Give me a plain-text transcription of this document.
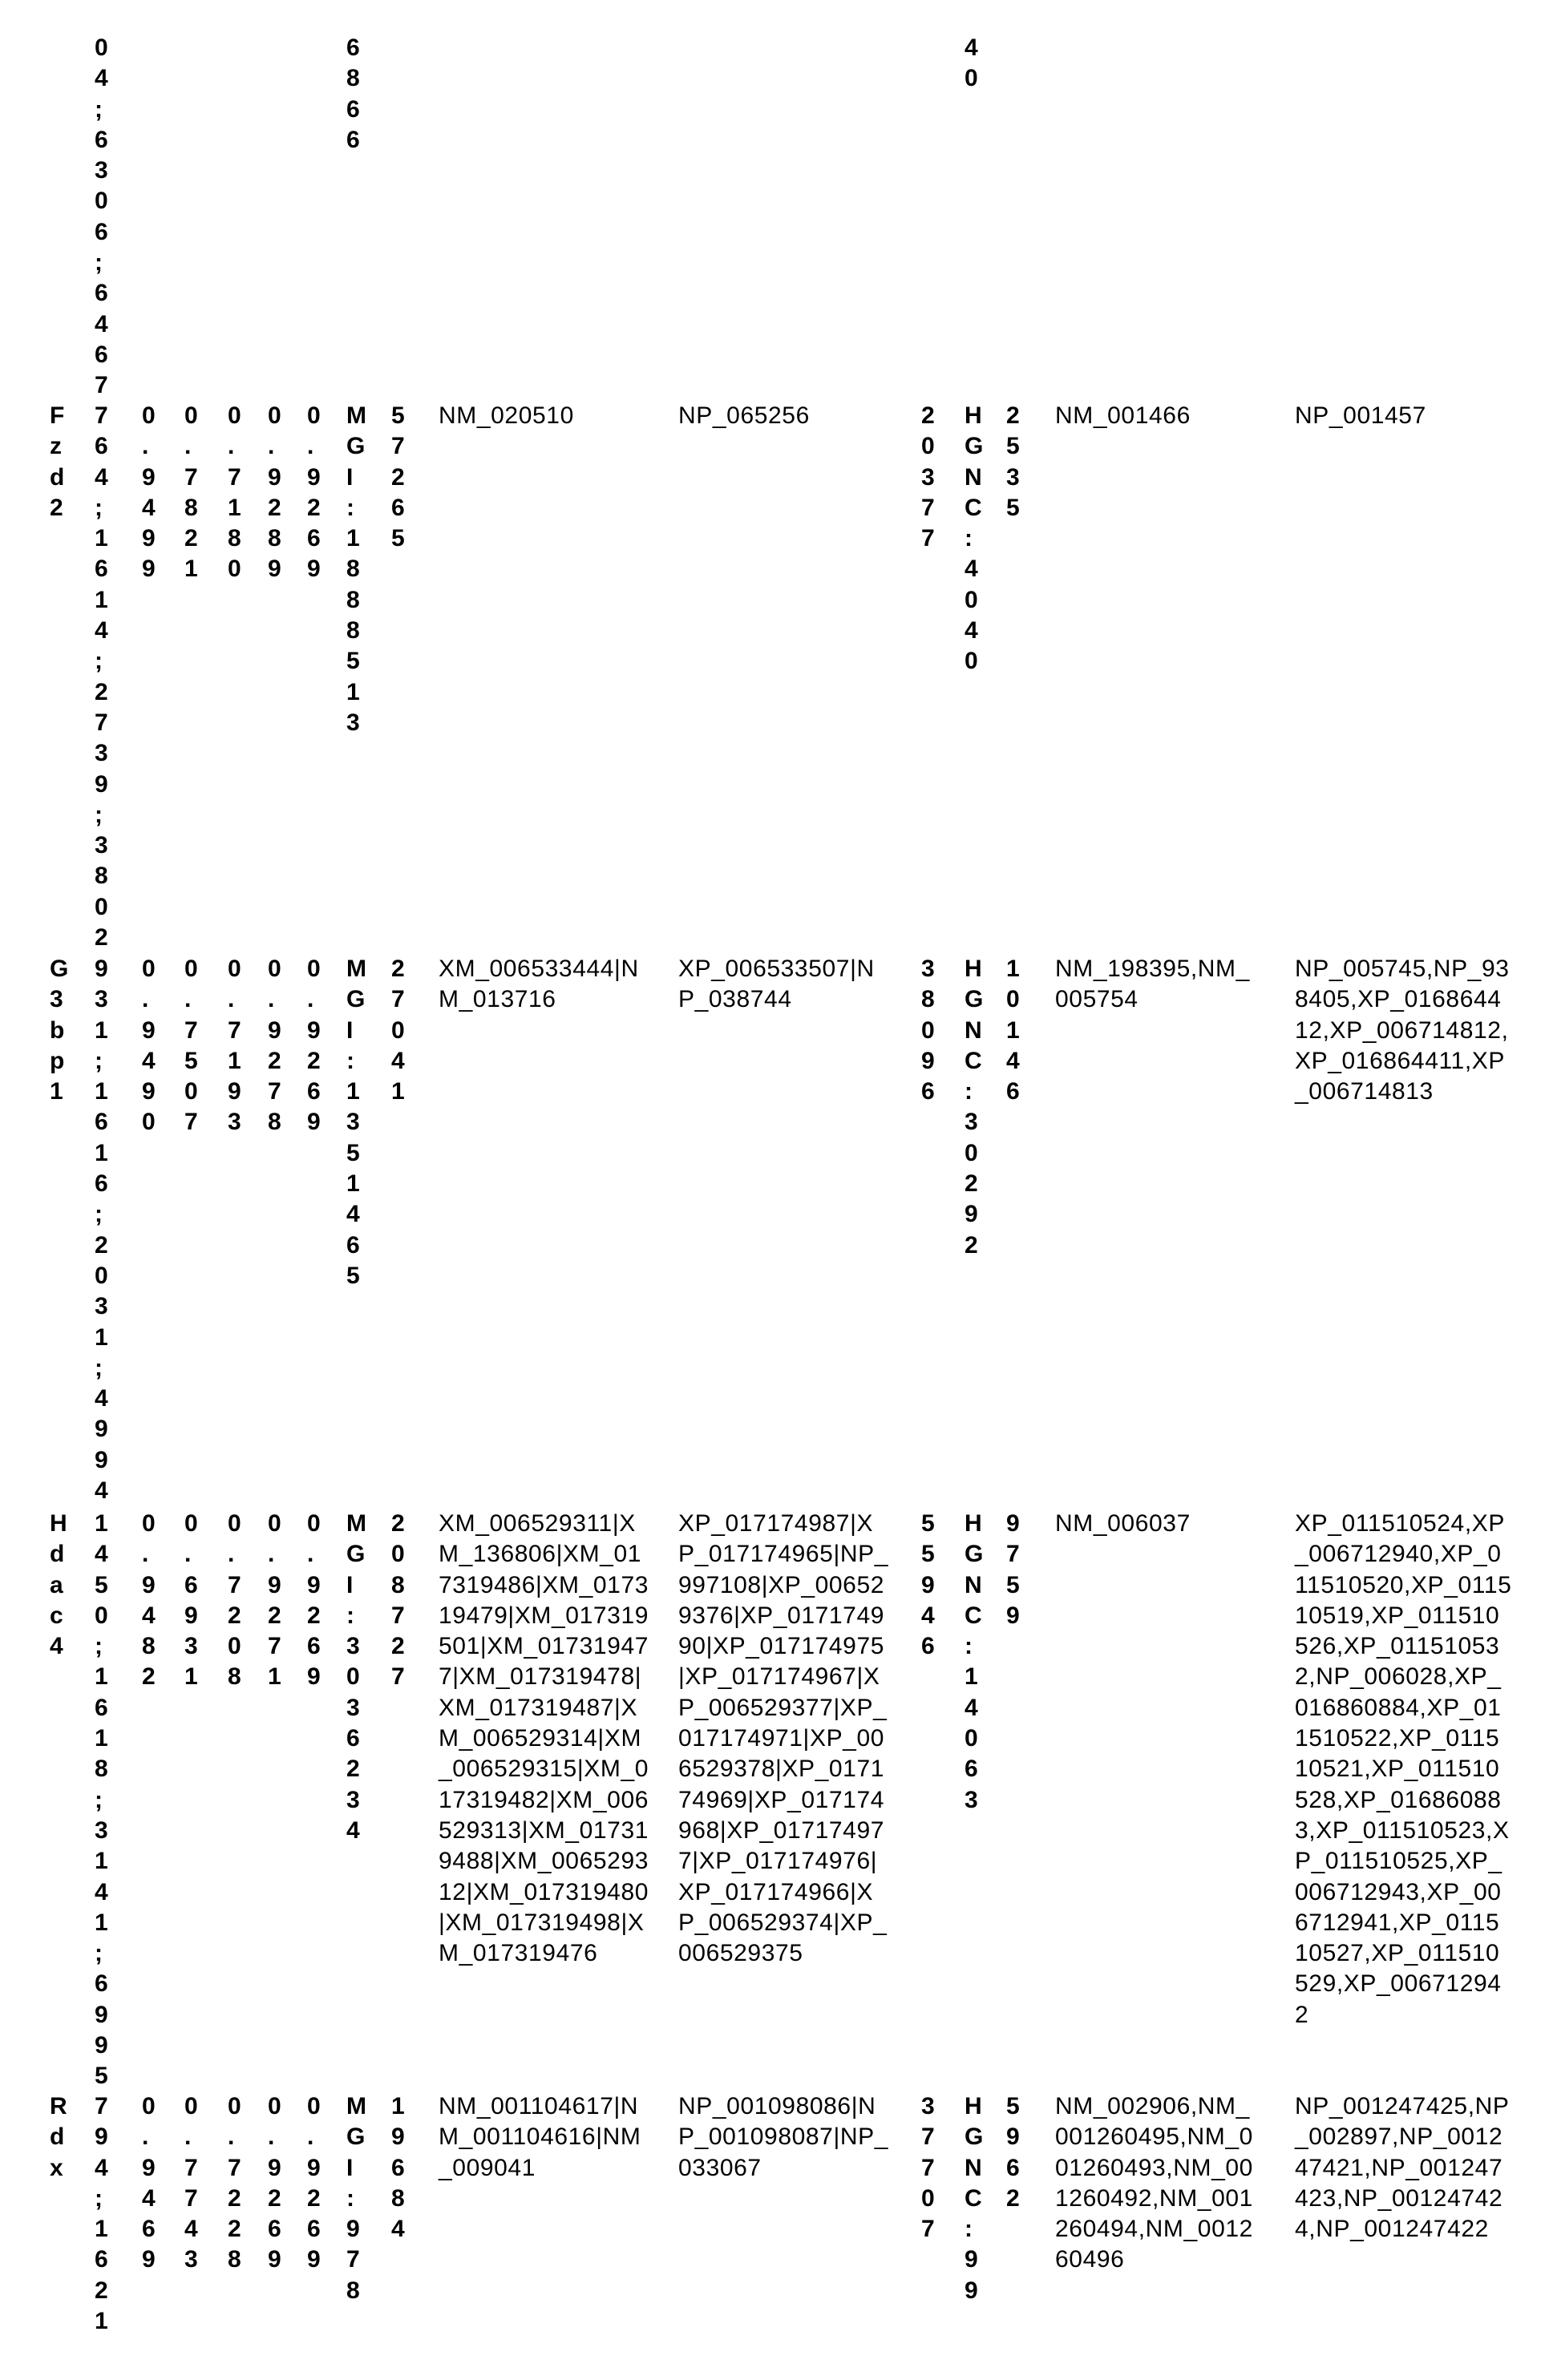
04;6306;6467
6866
40
Fzd2
764;1614;2739;3802
0.9499
0.7821
0.7180
0.9289
0.9269
MGI:1888513
57265
NM_020510	NP_065256	20377
HGNC:4040
2535
NM_001466	NP_001457
G3bp1
931;1616;2031;4994
0.9490
0.7507
0.7193
0.9278
0.9269
MGI:1351465
27041
XM_006533444|NM_013716
XP_006533507|NP_038744
38096
HGNC:30292
10146
NM_198395,NM_005754
NP_005745,NP_938405,XP_016864412,XP_006714812,XP_016864411,XP_006714813
Hdac4
1450;1618;3141;6995
0.9482
0.6931
0.7208
0.9271
0.9269
MGI:3036234
208727
XM_006529311|XM_136806|XM_017319486|XM_017319479|XM_017319501|XM_017319477|XM_017319478|XM_017319487|XM_006529314|XM_006529315|XM_017319482|XM_006529313|XM_017319488|XM_006529312|XM_017319480|XM_017319498|XM_017319476
XP_017174987|XP_017174965|NP_997108|XP_006529376|XP_017174990|XP_017174975|XP_017174967|XP_006529377|XP_017174971|XP_006529378|XP_017174969|XP_017174968|XP_017174977|XP_017174976|XP_017174966|XP_006529374|XP_006529375
55946
HGNC:14063
9759
NM_006037	XP_011510524,XP_006712940,XP_011510520,XP_011510519,XP_011510526,XP_011510532,NP_006028,XP_016860884,XP_011510522,XP_011510521,XP_011510528,XP_016860883,XP_011510523,XP_011510525,XP_006712943,XP_006712941,XP_011510527,XP_011510529,XP_006712942
Rdx
794;1621
0.9469
0.7743
0.7228
0.9269
0.9269
MGI:978
19684
NM_001104617|NM_001104616|NM_009041
NP_001098086|NP_001098087|NP_033067
37707
HGNC:99
5962
NM_002906,NM_001260495,NM_001260493,NM_001260492,NM_001260494,NM_001260496
NP_001247425,NP_002897,NP_001247421,NP_001247423,NP_001247424,NP_001247422
